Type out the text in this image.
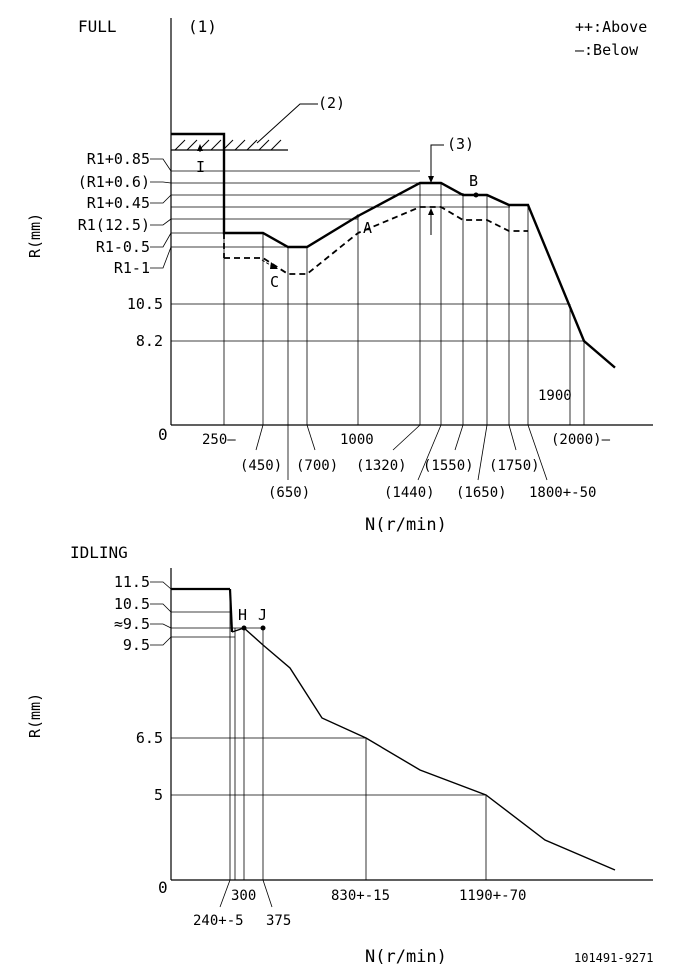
FULL	(1)	++:Above
—:Below
0
R(mm)
N(r/min)
(2)
I
C
A
B
(3)
R1+0.85
(R1+0.6)
R1+0.45
R1(12.5)
R1-0.5
R1-1
10.5
8.2
250—
(450)
(650)
(700)
1000
(1320)
(1440)
(1550)
(1650)
(1750)
1800+-50
(2000)—
1900
IDLING
0
R(mm)
N(r/min)
H J
11.5
10.5
≈9.5
9.5
6.5
5
240+-5
300
375
830+-15	1190+-70
101491-9271
